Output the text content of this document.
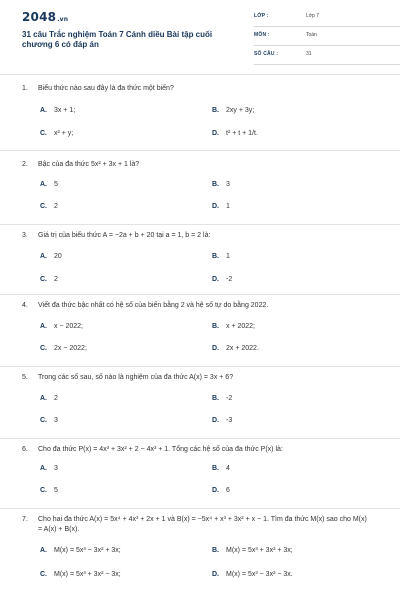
2048.vn
31 câu Trắc nghiệm Toán 7 Cánh diều Bài tập cuối chương 6 có đáp án
LỚP :	Lớp 7
MÔN :	Toán
SỐ CÂU :	31
1. Biểu thức nào sau đây là đa thức một biến?
A. 3x + 1;	B. 2xy + 3y;
C. x² + y;	D. t² + t + 1/t.
2. Bậc của đa thức 5x² + 3x + 1 là?
A. 5	B. 3
C. 2	D. 1
3. Giá trị của biểu thức A = −2a + b + 20 tại a = 1, b = 2 là:
A. 20	B. 1
C. 2	D. -2
4. Viết đa thức bậc nhất có hệ số của biến bằng 2 và hệ số tự do bằng 2022.
A. x − 2022;	B. x + 2022;
C. 2x − 2022;	D. 2x + 2022.
5. Trong các số sau, số nào là nghiệm của đa thức A(x) = 3x + 6?
A. 2	B. -2
C. 3	D. -3
6. Cho đa thức P(x) = 4x³ + 3x² + 2 − 4x³ + 1. Tổng các hệ số của đa thức P(x) là:
A. 3	B. 4
C. 5	D. 6
7. Cho hai đa thức A(x) = 5x⁴ + 4x³ + 2x + 1 và B(x) = −5x⁴ + x³ + 3x² + x − 1. Tìm đa thức M(x) sao cho M(x) = A(x) + B(x).
A. M(x) = 5x³ − 3x² + 3x;	B. M(x) = 5x³ + 3x² + 3x;
C. M(x) = 5x³ + 3x² − 3x;	D. M(x) = 5x³ − 3x² − 3x.
